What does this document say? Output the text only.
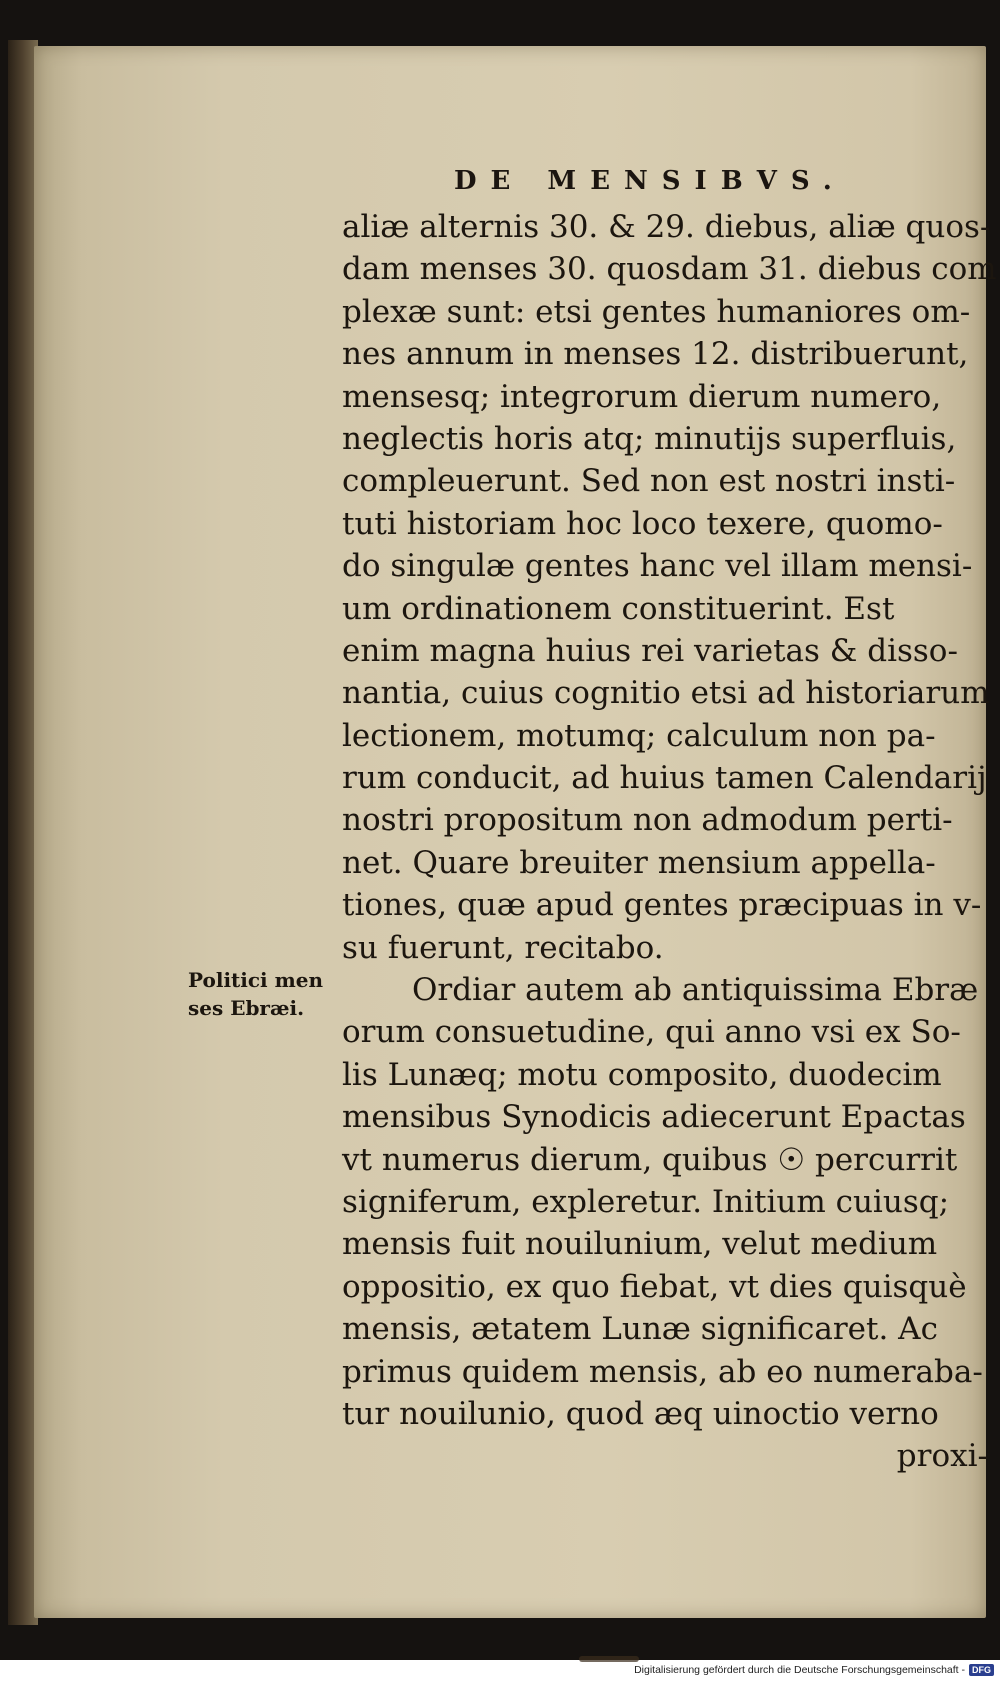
DE MENSIBVS.
aliæ alternis 30. & 29. diebus, aliæ quos-
dam menses 30. quosdam 31. diebus com
plexæ sunt: etsi gentes humaniores om-
nes annum in menses 12. distribuerunt,
mensesq; integrorum dierum numero,
neglectis horis atq; minutijs superfluis,
compleuerunt. Sed non est nostri insti-
tuti historiam hoc loco texere, quomo-
do singulæ gentes hanc vel illam mensi-
um ordinationem constituerint. Est
enim magna huius rei varietas & disso-
nantia, cuius cognitio etsi ad historiarum
lectionem, motumq; calculum non pa-
rum conducit, ad huius tamen Calendarij
nostri propositum non admodum perti-
net. Quare breuiter mensium appella-
tiones, quæ apud gentes præcipuas in v-
su fuerunt, recitabo.
Ordiar autem ab antiquissima Ebræ
orum consuetudine, qui anno vsi ex So-
lis Lunæq; motu composito, duodecim
mensibus Synodicis adiecerunt Epactas
vt numerus dierum, quibus ☉ percurrit
signiferum, expleretur. Initium cuiusq;
mensis fuit nouilunium, velut medium
oppositio, ex quo fiebat, vt dies quisquè
mensis, ætatem Lunæ significaret. Ac
primus quidem mensis, ab eo numeraba-
tur nouilunio, quod æq uinoctio verno
proxi-
Politici men
ses Ebræi.
Digitalisierung gefördert durch die Deutsche Forschungsgemeinschaft - DFG
